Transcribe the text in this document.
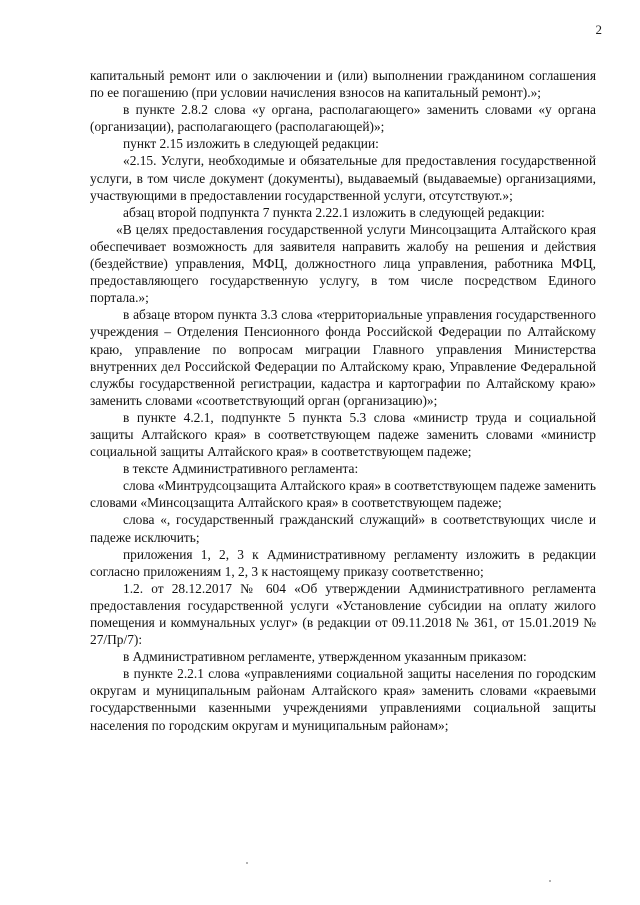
2

капитальный ремонт или о заключении и (или) выполнении гражданином соглашения по ее погашению (при условии начисления взносов на капитальный ремонт).»;

в пункте 2.8.2 слова «у органа, располагающего» заменить словами «у органа (организации), располагающего (располагающей)»;

пункт 2.15 изложить в следующей редакции:

«2.15. Услуги, необходимые и обязательные для предоставления государственной услуги, в том числе документ (документы), выдаваемый (выдаваемые) организациями, участвующими в предоставлении государственной услуги, отсутствуют.»;

абзац второй подпункта 7 пункта 2.22.1 изложить в следующей редакции:

«В целях предоставления государственной услуги Минсоцзащита Алтайского края обеспечивает возможность для заявителя направить жалобу на решения и действия (бездействие) управления, МФЦ, должностного лица управления, работника МФЦ, предоставляющего государственную услугу, в том числе посредством Единого портала.»;

в абзаце втором пункта 3.3 слова «территориальные управления государственного учреждения – Отделения Пенсионного фонда Российской Федерации по Алтайскому краю, управление по вопросам миграции Главного управления Министерства внутренних дел Российской Федерации по Алтайскому краю, Управление Федеральной службы государственной регистрации, кадастра и картографии по Алтайскому краю» заменить словами «соответствующий орган (организацию)»;

в пункте 4.2.1, подпункте 5 пункта 5.3 слова «министр труда и социальной защиты Алтайского края» в соответствующем падеже заменить словами «министр социальной защиты Алтайского края» в соответствующем падеже;

в тексте Административного регламента:

слова «Минтрудсоцзащита Алтайского края» в соответствующем падеже заменить словами «Минсоцзащита Алтайского края» в соответствующем падеже;

слова «, государственный гражданский служащий» в соответствующих числе и падеже исключить;

приложения 1, 2, 3 к Административному регламенту изложить в редакции согласно приложениям 1, 2, 3 к настоящему приказу соответственно;

1.2. от 28.12.2017 № 604 «Об утверждении Административного регламента предоставления государственной услуги «Установление субсидии на оплату жилого помещения и коммунальных услуг» (в редакции от 09.11.2018 № 361, от 15.01.2019 № 27/Пр/7):

в Административном регламенте, утвержденном указанным приказом:

в пункте 2.2.1 слова «управлениями социальной защиты населения по городским округам и муниципальным районам Алтайского края» заменить словами «краевыми государственными казенными учреждениями управлениями социальной защиты населения по городским округам и муниципальным районам»;
